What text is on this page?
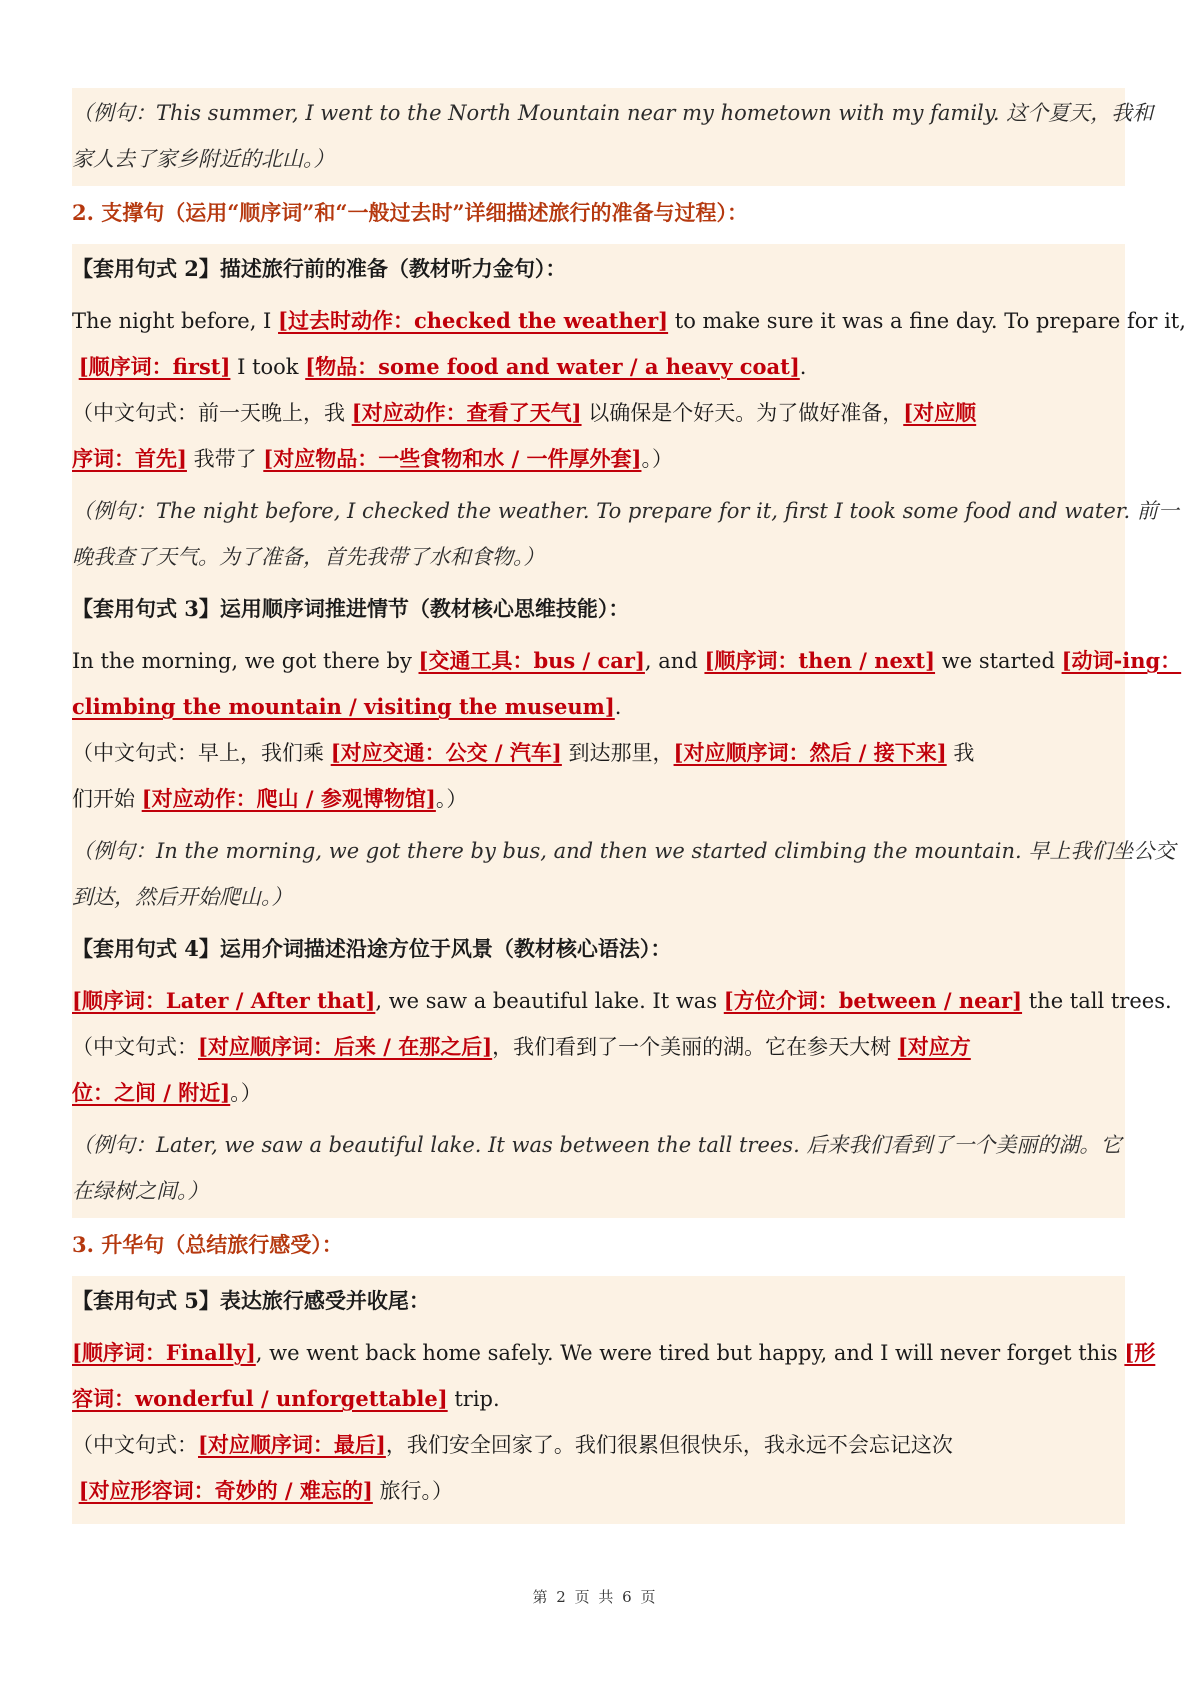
（例句：This summer, I went to the North Mountain near my hometown with my family. 这个夏天，我和
家人去了家乡附近的北山。）
2. 支撑句（运用“顺序词”和“一般过去时”详细描述旅行的准备与过程）：
【套用句式 2】描述旅行前的准备（教材听力金句）：
The night before, I [过去时动作：checked the weather] to make sure it was a fine day. To prepare for it,
[顺序词：first] I took [物品：some food and water / a heavy coat].
（中文句式：前一天晚上，我 [对应动作：查看了天气] 以确保是个好天。为了做好准备，[对应顺
序词：首先] 我带了 [对应物品：一些食物和水 / 一件厚外套]。）
（例句：The night before, I checked the weather. To prepare for it, first I took some food and water. 前一
晚我查了天气。为了准备，首先我带了水和食物。）
【套用句式 3】运用顺序词推进情节（教材核心思维技能）：
In the morning, we got there by [交通工具：bus / car], and [顺序词：then / next] we started [动词-ing：
climbing the mountain / visiting the museum].
（中文句式：早上，我们乘 [对应交通：公交 / 汽车] 到达那里，[对应顺序词：然后 / 接下来] 我
们开始 [对应动作：爬山 / 参观博物馆]。）
（例句：In the morning, we got there by bus, and then we started climbing the mountain. 早上我们坐公交
到达，然后开始爬山。）
【套用句式 4】运用介词描述沿途方位于风景（教材核心语法）：
[顺序词：Later / After that], we saw a beautiful lake. It was [方位介词：between / near] the tall trees.
（中文句式：[对应顺序词：后来 / 在那之后]，我们看到了一个美丽的湖。它在参天大树 [对应方
位：之间 / 附近]。）
（例句：Later, we saw a beautiful lake. It was between the tall trees. 后来我们看到了一个美丽的湖。它
在绿树之间。）
3. 升华句（总结旅行感受）：
【套用句式 5】表达旅行感受并收尾：
[顺序词：Finally], we went back home safely. We were tired but happy, and I will never forget this [形
容词：wonderful / unforgettable] trip.
（中文句式：[对应顺序词：最后]，我们安全回家了。我们很累但很快乐，我永远不会忘记这次
[对应形容词：奇妙的 / 难忘的] 旅行。）
第 2 页 共 6 页
